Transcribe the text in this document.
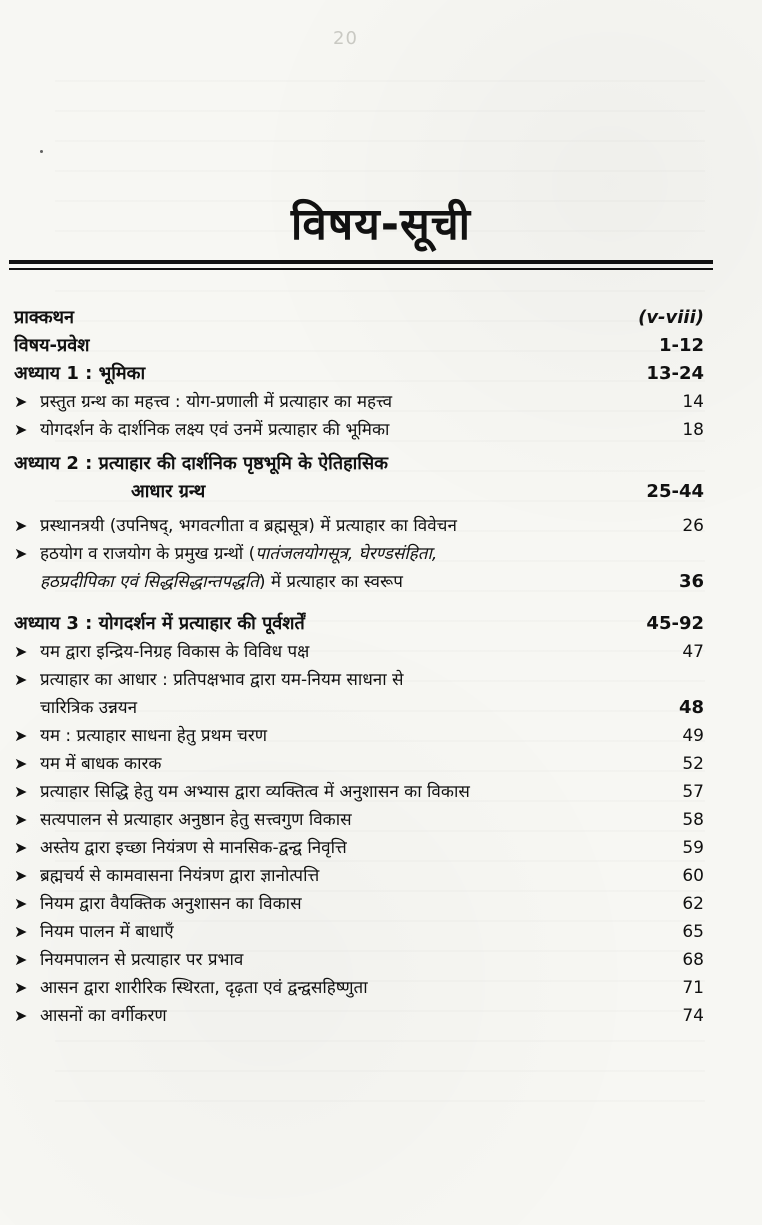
20
विषय-सूची
प्राक्कथन	(v-viii)
विषय-प्रवेश	1-12
अध्याय 1 : भूमिका	13-24
➤ प्रस्तुत ग्रन्थ का महत्त्व : योग-प्रणाली में प्रत्याहार का महत्त्व	14
➤ योगदर्शन के दार्शनिक लक्ष्य एवं उनमें प्रत्याहार की भूमिका	18
अध्याय 2 : प्रत्याहार की दार्शनिक पृष्ठभूमि के ऐतिहासिक
आधार ग्रन्थ	25-44
➤ प्रस्थानत्रयी (उपनिषद्, भगवत्गीता व ब्रह्मसूत्र) में प्रत्याहार का विवेचन	26
➤ हठयोग व राजयोग के प्रमुख ग्रन्थों (पातंजलयोगसूत्र, घेरण्डसंहिता,
हठप्रदीपिका एवं सिद्धसिद्धान्तपद्धति) में प्रत्याहार का स्वरूप	36
अध्याय 3 : योगदर्शन में प्रत्याहार की पूर्वशर्तें	45-92
➤ यम द्वारा इन्द्रिय-निग्रह विकास के विविध पक्ष	47
➤ प्रत्याहार का आधार : प्रतिपक्षभाव द्वारा यम-नियम साधना से
चारित्रिक उन्नयन	48
➤ यम : प्रत्याहार साधना हेतु प्रथम चरण	49
➤ यम में बाधक कारक	52
➤ प्रत्याहार सिद्धि हेतु यम अभ्यास द्वारा व्यक्तित्व में अनुशासन का विकास	57
➤ सत्यपालन से प्रत्याहार अनुष्ठान हेतु सत्त्वगुण विकास	58
➤ अस्तेय द्वारा इच्छा नियंत्रण से मानसिक-द्वन्द्व निवृत्ति	59
➤ ब्रह्मचर्य से कामवासना नियंत्रण द्वारा ज्ञानोत्पत्ति	60
➤ नियम द्वारा वैयक्तिक अनुशासन का विकास	62
➤ नियम पालन में बाधाएँ	65
➤ नियमपालन से प्रत्याहार पर प्रभाव	68
➤ आसन द्वारा शारीरिक स्थिरता, दृढ़ता एवं द्वन्द्वसहिष्णुता	71
➤ आसनों का वर्गीकरण	74
